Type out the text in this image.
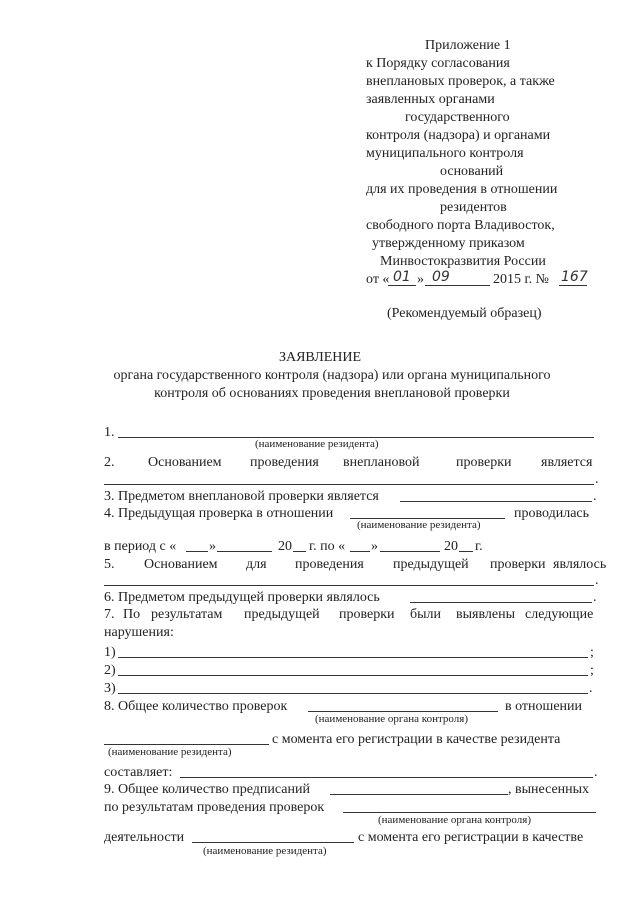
Приложение 1
к Порядку согласования
внеплановых проверок, а также
заявленных органами
государственного
контроля (надзора) и органами
муниципального контроля
оснований
для их проведения в отношении
резидентов
свободного порта Владивосток,
утвержденному приказом
Минвостокразвития России
от « 01 » 09	2015 г. № 167
(Рекомендуемый образец)
ЗАЯВЛЕНИЕ
органа государственного контроля (надзора) или органа муниципального
контроля об основаниях проведения внеплановой проверки
1.
(наименование резидента)
2. Основанием проведения внеплановой	проверки является
.
3. Предметом внеплановой проверки является	.
4. Предыдущая проверка в отношении	проводилась
(наименование резидента)
в период с « »	20 г. по « »	20 г.
5. Основанием для проведения предыдущей проверки являлось
.
6. Предметом предыдущей проверки являлось	.
7. По результатам предыдущей проверки были выявлены следующие
нарушения:
1)	;
2)	;
3)	.
8. Общее количество проверок	в отношении
(наименование органа контроля)
с момента его регистрации в качестве резидента
(наименование резидента)
составляет:	.
9. Общее количество предписаний	, вынесенных
по результатам проведения проверок
(наименование органа контроля)
деятельности	с момента его регистрации в качестве
(наименование резидента)
